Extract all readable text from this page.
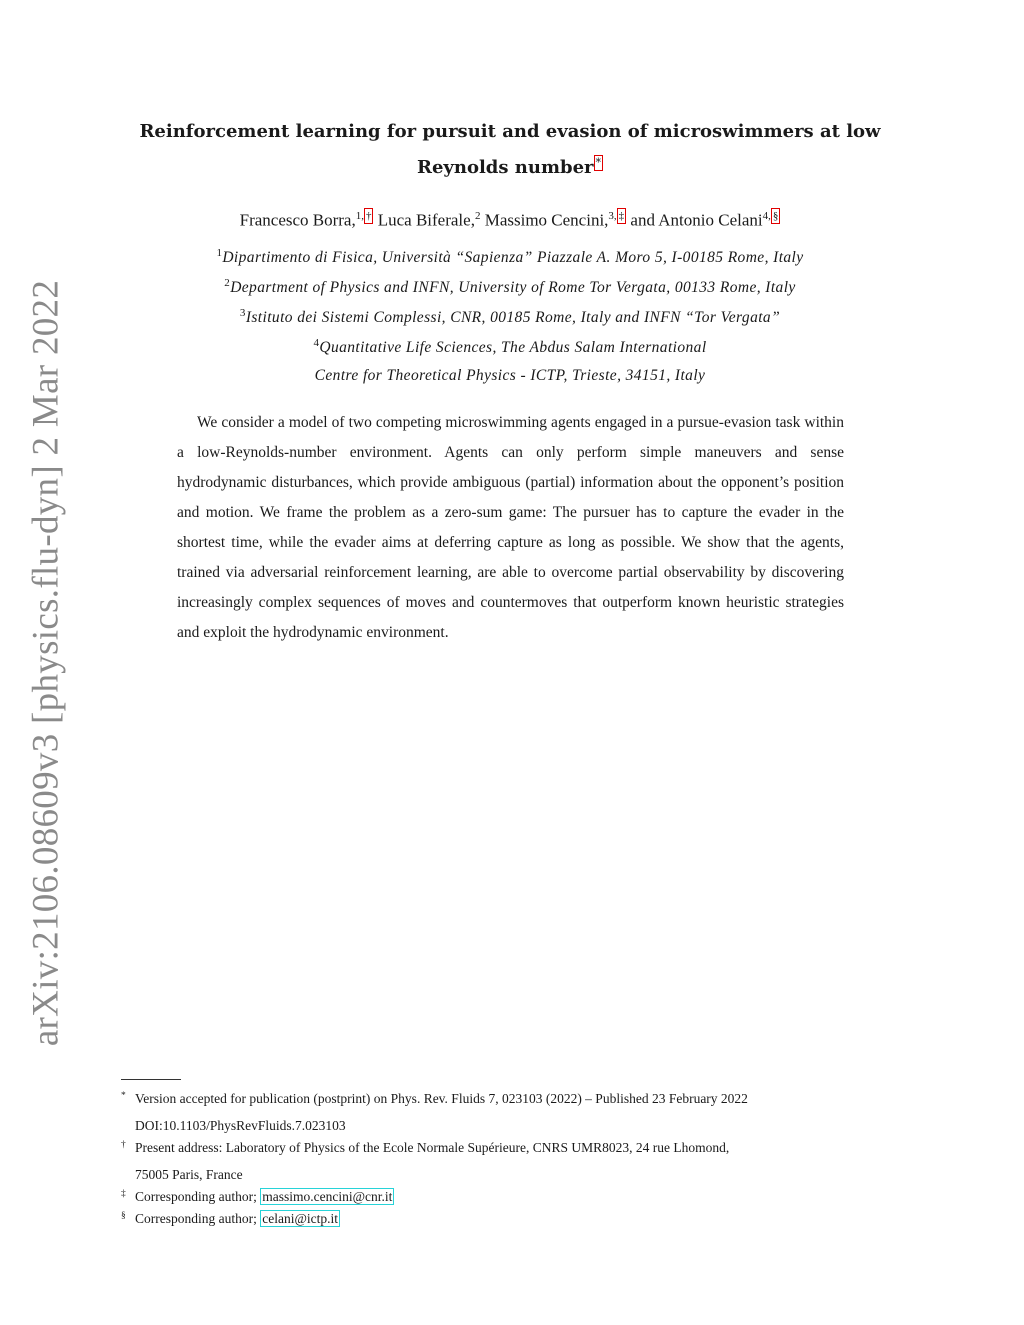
arXiv:2106.08609v3 [physics.flu-dyn] 2 Mar 2022
Reinforcement learning for pursuit and evasion of microswimmers at low
Reynolds number *
Francesco Borra,$^{1,}$ † Luca Biferale,$^2$ Massimo Cencini,$^{3,}$ ‡ and Antonio Celani$^{4,}$ §
$^1$Dipartimento di Fisica, Università “Sapienza” Piazzale A. Moro 5, I-00185 Rome, Italy
$^2$Department of Physics and INFN, University of Rome Tor Vergata, 00133 Rome, Italy
$^3$Istituto dei Sistemi Complessi, CNR, 00185 Rome, Italy and INFN “Tor Vergata”
$^4$Quantitative Life Sciences, The Abdus Salam International
Centre for Theoretical Physics - ICTP, Trieste, 34151, Italy
We consider a model of two competing microswimming agents engaged in a pursue-evasion task within a low-Reynolds-number environment. Agents can only perform simple maneuvers and sense hydrodynamic disturbances, which provide ambiguous (partial) information about the opponent’s position and motion. We frame the problem as a zero-sum game: The pursuer has to capture the evader in the shortest time, while the evader aims at deferring capture as long as possible. We show that the agents, trained via adversarial reinforcement learning, are able to overcome partial observability by discovering increasingly complex sequences of moves and countermoves that outperform known heuristic strategies and exploit the hydrodynamic environment.
* Version accepted for publication (postprint) on Phys. Rev. Fluids 7, 023103 (2022) – Published 23 February 2022
DOI:10.1103/PhysRevFluids.7.023103
† Present address: Laboratory of Physics of the Ecole Normale Supérieure, CNRS UMR8023, 24 rue Lhomond,
75005 Paris, France
‡ Corresponding author; massimo.cencini@cnr.it
§ Corresponding author; celani@ictp.it
